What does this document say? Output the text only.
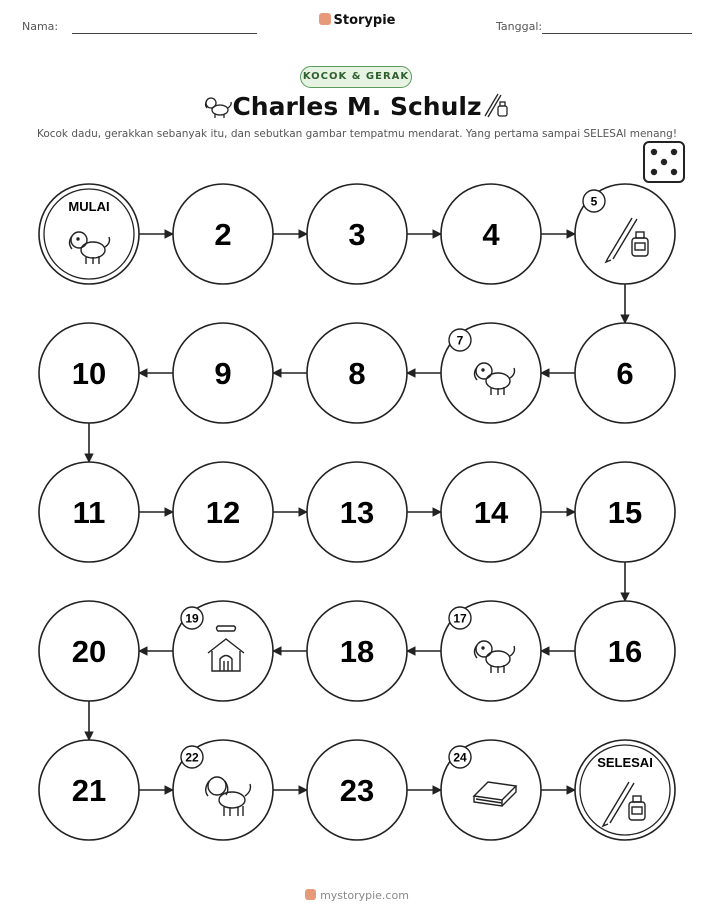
Nama:	Storypie	Tanggal:
KOCOK & GERAK
Charles M. Schulz
Kocok dadu, gerakkan sebanyak itu, dan sebutkan gambar tempatmu mendarat. Yang pertama sampai SELESAI menang!
MULAI
2	3	4
5
6
7
8
9
10
11	12	13	14	15
16
17
18
19
20
21
22
23
24	SELESAI
mystorypie.com
